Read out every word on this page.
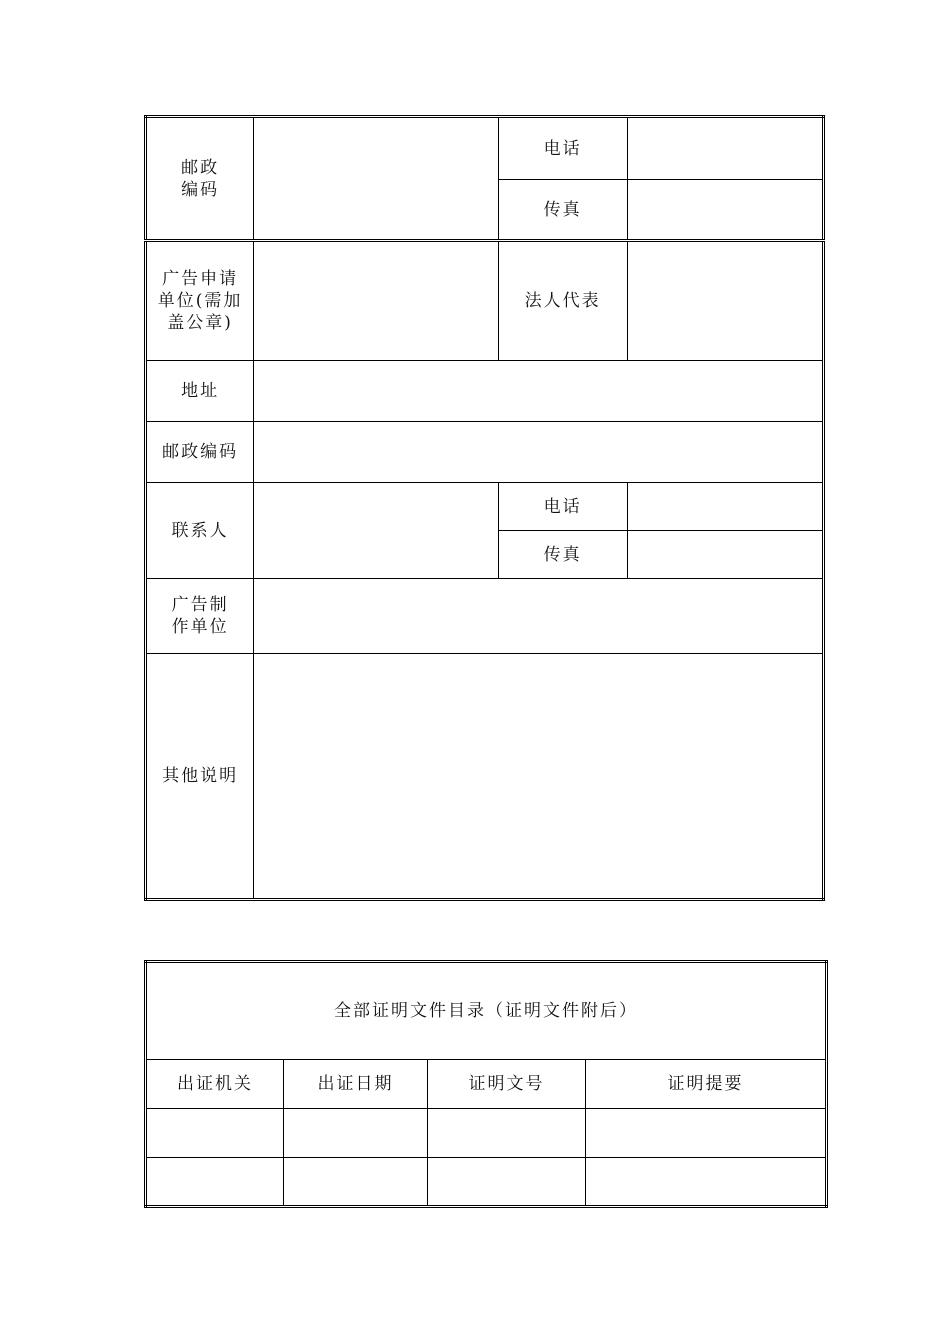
邮政
编码		电话	
		传真	
广告申请
单位(需加
盖公章)		法人代表	
地址			
邮政编码			
联系人		电话	
		传真	
广告制
作单位			
其他说明			
全部证明文件目录（证明文件附后）			
出证机关	出证日期	证明文号	证明提要
